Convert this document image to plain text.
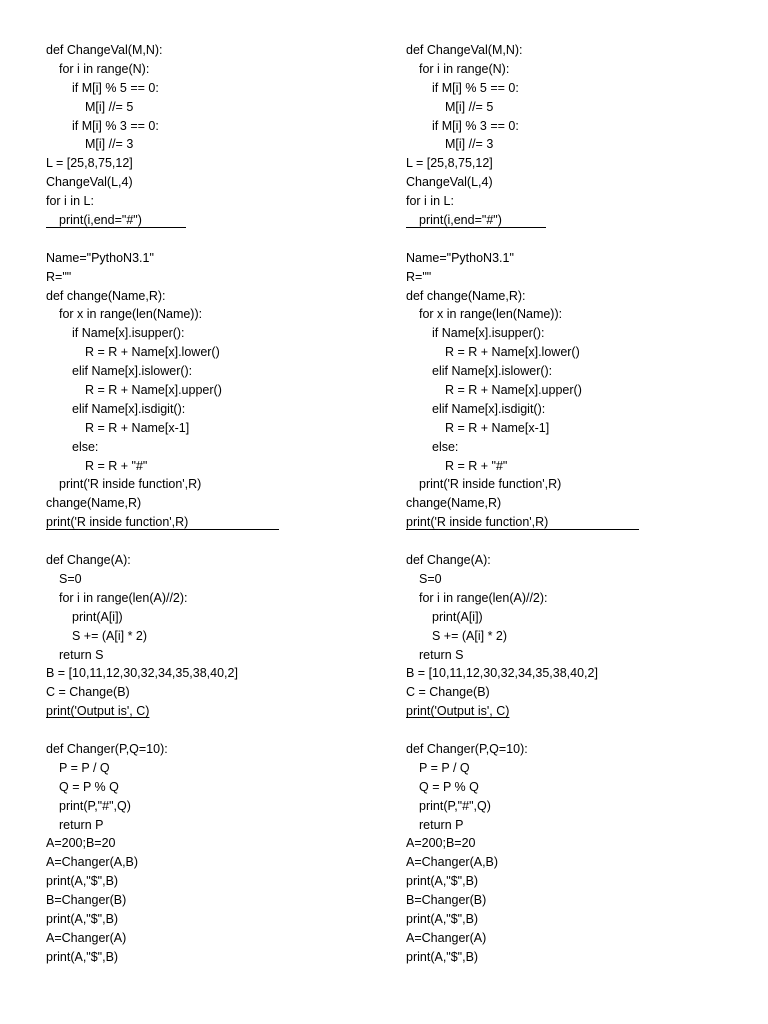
def ChangeVal(M,N):
for i in range(N):
if M[i] % 5 == 0:
M[i] //= 5
if M[i] % 3 == 0:
M[i] //= 3
L = [25,8,75,12]
ChangeVal(L,4)
for i in L:
print(i,end="#")
Name="PythoN3.1"
R=""
def change(Name,R):
for x in range(len(Name)):
if Name[x].isupper():
R = R + Name[x].lower()
elif Name[x].islower():
R = R + Name[x].upper()
elif Name[x].isdigit():
R = R + Name[x-1]
else:
R = R + "#"
print('R inside function',R)
change(Name,R)
print('R inside function',R)
def Change(A):
S=0
for i in range(len(A)//2):
print(A[i])
S += (A[i] * 2)
return S
B = [10,11,12,30,32,34,35,38,40,2]
C = Change(B)
print('Output is', C)
def Changer(P,Q=10):
P = P / Q
Q = P % Q
print(P,"#",Q)
return P
A=200;B=20
A=Changer(A,B)
print(A,"$",B)
B=Changer(B)
print(A,"$",B)
A=Changer(A)
print(A,"$",B)
def ChangeVal(M,N):
for i in range(N):
if M[i] % 5 == 0:
M[i] //= 5
if M[i] % 3 == 0:
M[i] //= 3
L = [25,8,75,12]
ChangeVal(L,4)
for i in L:
print(i,end="#")
Name="PythoN3.1"
R=""
def change(Name,R):
for x in range(len(Name)):
if Name[x].isupper():
R = R + Name[x].lower()
elif Name[x].islower():
R = R + Name[x].upper()
elif Name[x].isdigit():
R = R + Name[x-1]
else:
R = R + "#"
print('R inside function',R)
change(Name,R)
print('R inside function',R)
def Change(A):
S=0
for i in range(len(A)//2):
print(A[i])
S += (A[i] * 2)
return S
B = [10,11,12,30,32,34,35,38,40,2]
C = Change(B)
print('Output is', C)
def Changer(P,Q=10):
P = P / Q
Q = P % Q
print(P,"#",Q)
return P
A=200;B=20
A=Changer(A,B)
print(A,"$",B)
B=Changer(B)
print(A,"$",B)
A=Changer(A)
print(A,"$",B)
